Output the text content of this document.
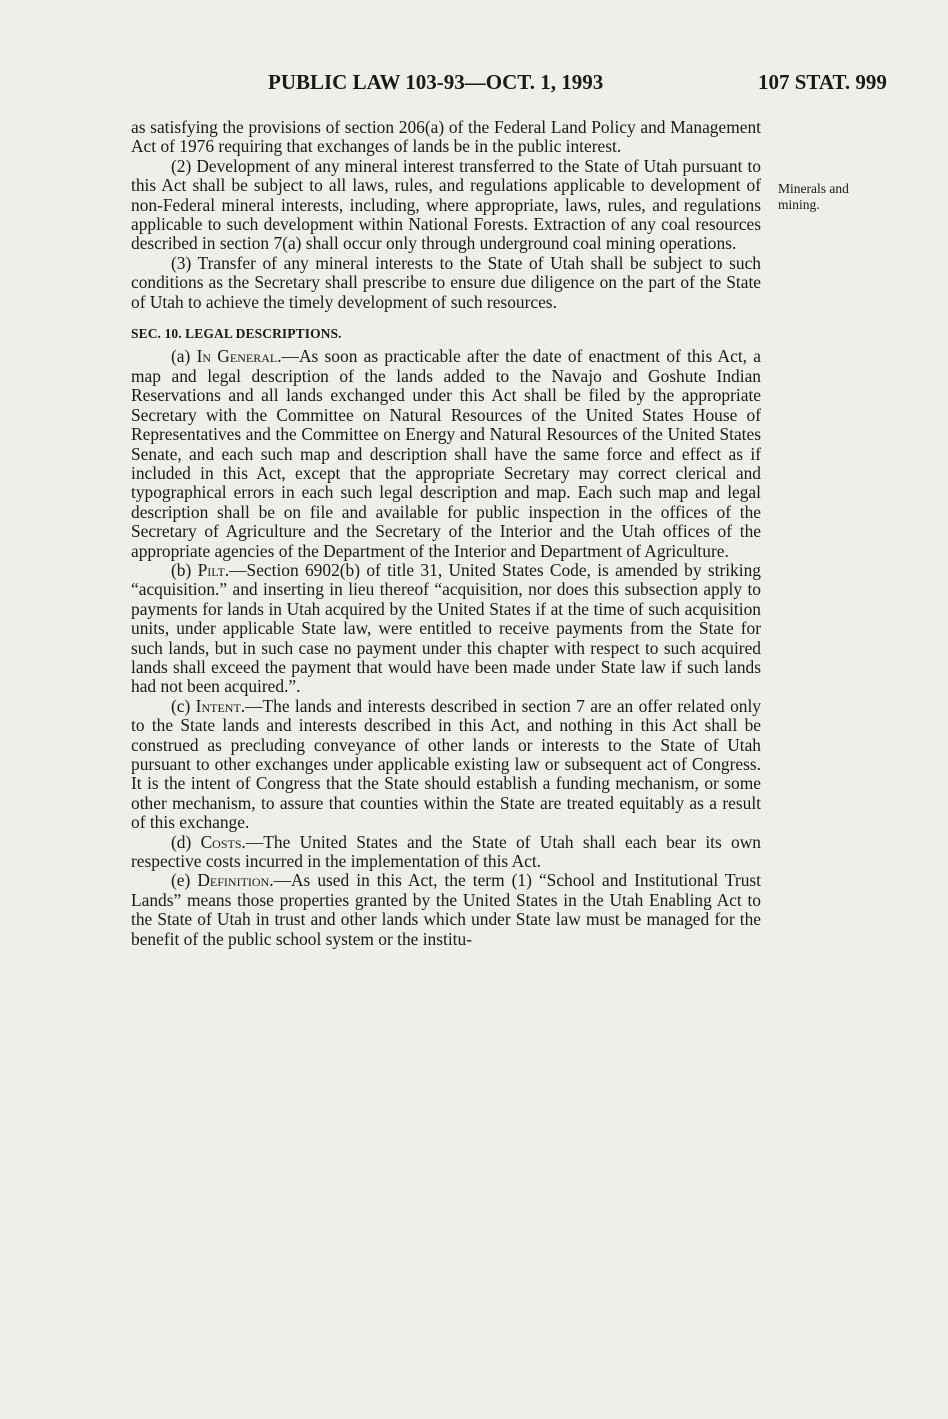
PUBLIC LAW 103-93—OCT. 1, 1993	107 STAT. 999
Minerals and
mining.

as satisfying the provisions of section 206(a) of the Federal Land Policy and Management Act of 1976 requiring that exchanges of lands be in the public interest.

(2) Development of any mineral interest transferred to the State of Utah pursuant to this Act shall be subject to all laws, rules, and regulations applicable to development of non-Federal mineral interests, including, where appropriate, laws, rules, and regulations applicable to such development within National Forests. Extraction of any coal resources described in section 7(a) shall occur only through underground coal mining operations.

(3) Transfer of any mineral interests to the State of Utah shall be subject to such conditions as the Secretary shall prescribe to ensure due diligence on the part of the State of Utah to achieve the timely development of such resources.

SEC. 10. LEGAL DESCRIPTIONS.

(a) In General.—As soon as practicable after the date of enactment of this Act, a map and legal description of the lands added to the Navajo and Goshute Indian Reservations and all lands exchanged under this Act shall be filed by the appropriate Secretary with the Committee on Natural Resources of the United States House of Representatives and the Committee on Energy and Natural Resources of the United States Senate, and each such map and description shall have the same force and effect as if included in this Act, except that the appropriate Secretary may correct clerical and typographical errors in each such legal description and map. Each such map and legal description shall be on file and available for public inspection in the offices of the Secretary of Agriculture and the Secretary of the Interior and the Utah offices of the appropriate agencies of the Department of the Interior and Department of Agriculture.

(b) Pilt.—Section 6902(b) of title 31, United States Code, is amended by striking “acquisition.” and inserting in lieu thereof “acquisition, nor does this subsection apply to payments for lands in Utah acquired by the United States if at the time of such acquisition units, under applicable State law, were entitled to receive payments from the State for such lands, but in such case no payment under this chapter with respect to such acquired lands shall exceed the payment that would have been made under State law if such lands had not been acquired.”.

(c) Intent.—The lands and interests described in section 7 are an offer related only to the State lands and interests described in this Act, and nothing in this Act shall be construed as precluding conveyance of other lands or interests to the State of Utah pursuant to other exchanges under applicable existing law or subsequent act of Congress. It is the intent of Congress that the State should establish a funding mechanism, or some other mechanism, to assure that counties within the State are treated equitably as a result of this exchange.

(d) Costs.—The United States and the State of Utah shall each bear its own respective costs incurred in the implementation of this Act.

(e) Definition.—As used in this Act, the term (1) “School and Institutional Trust Lands” means those properties granted by the United States in the Utah Enabling Act to the State of Utah in trust and other lands which under State law must be managed for the benefit of the public school system or the institu-
